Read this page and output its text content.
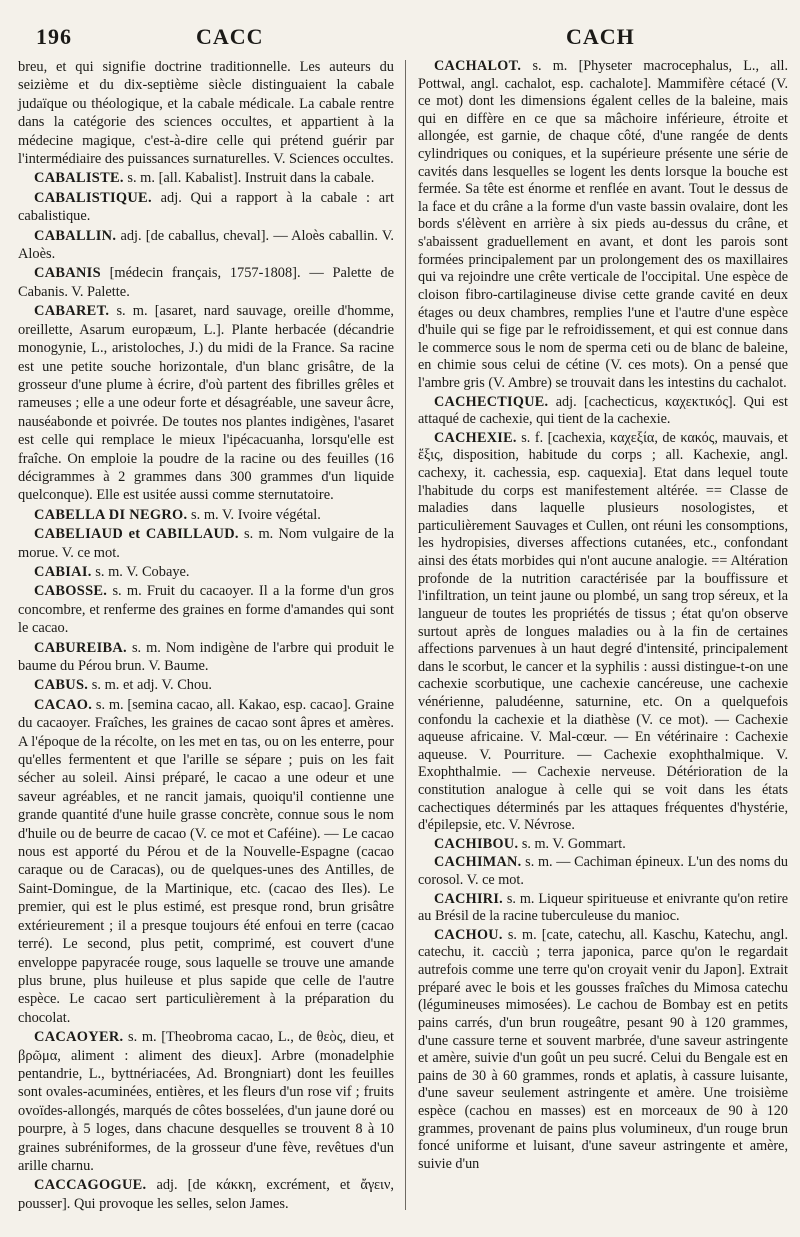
196	CACC	CACH

breu, et qui signifie doctrine traditionnelle. Les auteurs du seizième et du dix-septième siècle distinguaient la cabale judaïque ou théologique, et la cabale médicale. La cabale rentre dans la catégorie des sciences occultes, et appartient à la médecine magique, c'est-à-dire celle qui prétend guérir par l'intermédiaire des puissances surnaturelles. V. Sciences occultes.

CABALISTE. s. m. [all. Kabalist]. Instruit dans la cabale.

CABALISTIQUE. adj. Qui a rapport à la cabale : art cabalistique.

CABALLIN. adj. [de caballus, cheval]. — Aloès caballin. V. Aloès.

CABANIS [médecin français, 1757-1808]. — Palette de Cabanis. V. Palette.

CABARET. s. m. [asaret, nard sauvage, oreille d'homme, oreillette, Asarum europæum, L.]. Plante herbacée (décandrie monogynie, L., aristoloches, J.) du midi de la France. Sa racine est une petite souche horizontale, d'un blanc grisâtre, de la grosseur d'une plume à écrire, d'où partent des fibrilles grêles et rameuses ; elle a une odeur forte et désagréable, une saveur âcre, nauséabonde et poivrée. De toutes nos plantes indigènes, l'asaret est celle qui remplace le mieux l'ipécacuanha, lorsqu'elle est fraîche. On emploie la poudre de la racine ou des feuilles (16 décigrammes à 2 grammes dans 300 grammes d'un liquide quelconque). Elle est usitée aussi comme sternutatoire.

CABELLA DI NEGRO. s. m. V. Ivoire végétal.

CABELIAUD et CABILLAUD. s. m. Nom vulgaire de la morue. V. ce mot.

CABIAI. s. m. V. Cobaye.

CABOSSE. s. m. Fruit du cacaoyer. Il a la forme d'un gros concombre, et renferme des graines en forme d'amandes qui sont le cacao.

CABUREIBA. s. m. Nom indigène de l'arbre qui produit le baume du Pérou brun. V. Baume.

CABUS. s. m. et adj. V. Chou.

CACAO. s. m. [semina cacao, all. Kakao, esp. cacao]. Graine du cacaoyer. Fraîches, les graines de cacao sont âpres et amères. A l'époque de la récolte, on les met en tas, ou on les enterre, pour qu'elles fermentent et que l'arille se sépare ; puis on les fait sécher au soleil. Ainsi préparé, le cacao a une odeur et une saveur agréables, et ne rancit jamais, quoiqu'il contienne une grande quantité d'une huile grasse concrète, connue sous le nom d'huile ou de beurre de cacao (V. ce mot et Caféine). — Le cacao nous est apporté du Pérou et de la Nouvelle-Espagne (cacao caraque ou de Caracas), ou de quelques-unes des Antilles, de Saint-Domingue, de la Martinique, etc. (cacao des Iles). Le premier, qui est le plus estimé, est presque rond, brun grisâtre extérieurement ; il a presque toujours été enfoui en terre (cacao terré). Le second, plus petit, comprimé, est couvert d'une enveloppe papyracée rouge, sous laquelle se trouve une amande plus brune, plus huileuse et plus sapide que celle de l'autre espèce. Le cacao sert particulièrement à la préparation du chocolat.

CACAOYER. s. m. [Theobroma cacao, L., de θεὸς, dieu, et βρῶμα, aliment : aliment des dieux]. Arbre (monadelphie pentandrie, L., byttnériacées, Ad. Brongniart) dont les feuilles sont ovales-acuminées, entières, et les fleurs d'un rose vif ; fruits ovoïdes-allongés, marqués de côtes bosselées, d'un jaune doré ou pourpre, à 5 loges, dans chacune desquelles se trouvent 8 à 10 graines subréniformes, de la grosseur d'une fève, revêtues d'un arille charnu.

CACCAGOGUE. adj. [de κάκκη, excrément, et ἄγειν, pousser]. Qui provoque les selles, selon James.

CACHALOT. s. m. [Physeter macrocephalus, L., all. Pottwal, angl. cachalot, esp. cachalote]. Mammifère cétacé (V. ce mot) dont les dimensions égalent celles de la baleine, mais qui en diffère en ce que sa mâchoire inférieure, étroite et allongée, est garnie, de chaque côté, d'une rangée de dents cylindriques ou coniques, et la supérieure présente une série de cavités dans lesquelles se logent les dents lorsque la bouche est fermée. Sa tête est énorme et renflée en avant. Tout le dessus de la face et du crâne a la forme d'un vaste bassin ovalaire, dont les bords s'élèvent en arrière à six pieds au-dessus du crâne, et s'abaissent graduellement en avant, et dont les parois sont formées principalement par un prolongement des os maxillaires qui va rejoindre une crête verticale de l'occipital. Une espèce de cloison fibro-cartilagineuse divise cette grande cavité en deux étages ou deux chambres, remplies l'une et l'autre d'une espèce d'huile qui se fige par le refroidissement, et qui est connue dans le commerce sous le nom de sperma ceti ou de blanc de baleine, en chimie sous celui de cétine (V. ces mots). On a pensé que l'ambre gris (V. Ambre) se trouvait dans les intestins du cachalot.

CACHECTIQUE. adj. [cachecticus, καχεκτικός]. Qui est attaqué de cachexie, qui tient de la cachexie.

CACHEXIE. s. f. [cachexia, καχεξία, de κακός, mauvais, et ἕξις, disposition, habitude du corps ; all. Kachexie, angl. cachexy, it. cachessia, esp. caquexia]. Etat dans lequel toute l'habitude du corps est manifestement altérée. == Classe de maladies dans laquelle plusieurs nosologistes, et particulièrement Sauvages et Cullen, ont réuni les consomptions, les hydropisies, diverses affections cutanées, etc., confondant ainsi des états morbides qui n'ont aucune analogie. == Altération profonde de la nutrition caractérisée par la bouffissure et l'infiltration, un teint jaune ou plombé, un sang trop séreux, et la langueur de toutes les propriétés de tissus ; état qu'on observe surtout après de longues maladies ou à la fin de certaines affections parvenues à un haut degré d'intensité, principalement dans le scorbut, le cancer et la syphilis : aussi distingue-t-on une cachexie scorbutique, une cachexie cancéreuse, une cachexie vénérienne, paludéenne, saturnine, etc. On a quelquefois confondu la cachexie et la diathèse (V. ce mot). — Cachexie aqueuse africaine. V. Mal-cœur. — En vétérinaire : Cachexie aqueuse. V. Pourriture. — Cachexie exophthalmique. V. Exophthalmie. — Cachexie nerveuse. Détérioration de la constitution analogue à celle qui se voit dans les états cachectiques déterminés par les attaques fréquentes d'hystérie, d'épilepsie, etc. V. Névrose.

CACHIBOU. s. m. V. Gommart.

CACHIMAN. s. m. — Cachiman épineux. L'un des noms du corosol. V. ce mot.

CACHIRI. s. m. Liqueur spiritueuse et enivrante qu'on retire au Brésil de la racine tuberculeuse du manioc.

CACHOU. s. m. [cate, catechu, all. Kaschu, Katechu, angl. catechu, it. cacciù ; terra japonica, parce qu'on le regardait autrefois comme une terre qu'on croyait venir du Japon]. Extrait préparé avec le bois et les gousses fraîches du Mimosa catechu (légumineuses mimosées). Le cachou de Bombay est en petits pains carrés, d'un brun rougeâtre, pesant 90 à 120 grammes, d'une cassure terne et souvent marbrée, d'une saveur astringente et amère, suivie d'un goût un peu sucré. Celui du Bengale est en pains de 30 à 60 grammes, ronds et aplatis, à cassure luisante, d'une saveur seulement astringente et amère. Une troisième espèce (cachou en masses) est en morceaux de 90 à 120 grammes, provenant de pains plus volumineux, d'un rouge brun foncé uniforme et luisant, d'une saveur astringente et amère, suivie d'un
